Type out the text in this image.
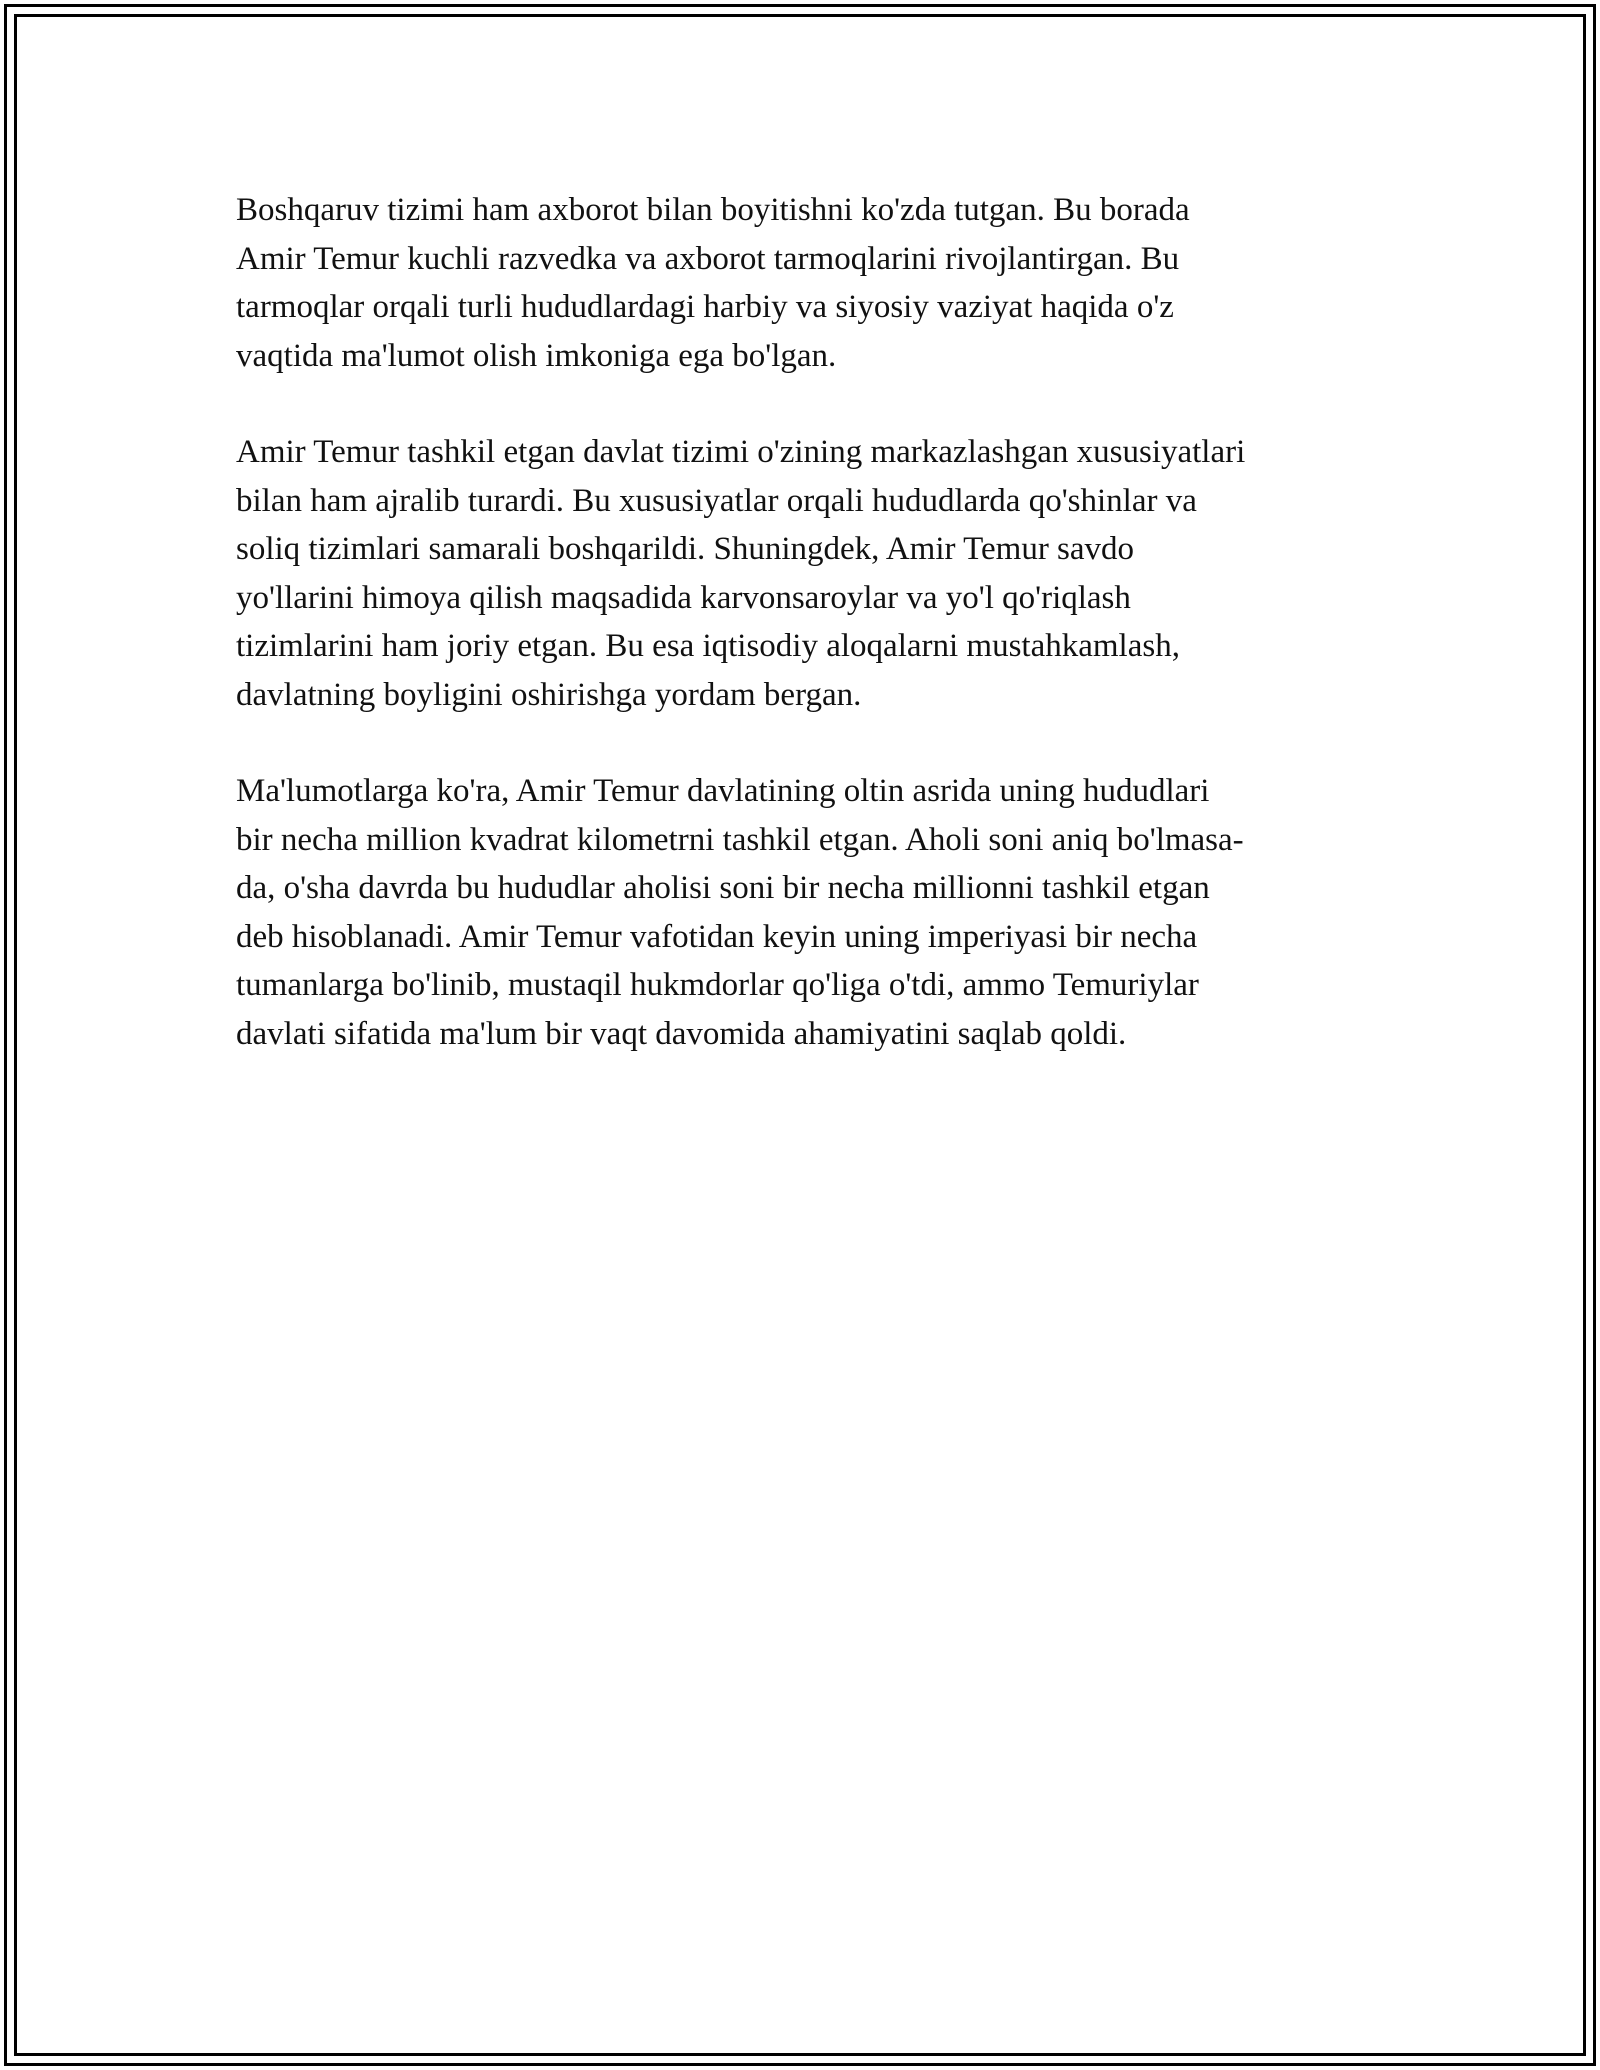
Boshqaruv tizimi ham axborot bilan boyitishni ko'zda tutgan. Bu borada
Amir Temur kuchli razvedka va axborot tarmoqlarini rivojlantirgan. Bu
tarmoqlar orqali turli hududlardagi harbiy va siyosiy vaziyat haqida o'z
vaqtida ma'lumot olish imkoniga ega bo'lgan.

Amir Temur tashkil etgan davlat tizimi o'zining markazlashgan xususiyatlari
bilan ham ajralib turardi. Bu xususiyatlar orqali hududlarda qo'shinlar va
soliq tizimlari samarali boshqarildi. Shuningdek, Amir Temur savdo
yo'llarini himoya qilish maqsadida karvonsaroylar va yo'l qo'riqlash
tizimlarini ham joriy etgan. Bu esa iqtisodiy aloqalarni mustahkamlash,
davlatning boyligini oshirishga yordam bergan.

Ma'lumotlarga ko'ra, Amir Temur davlatining oltin asrida uning hududlari
bir necha million kvadrat kilometrni tashkil etgan. Aholi soni aniq bo'lmasa-
da, o'sha davrda bu hududlar aholisi soni bir necha millionni tashkil etgan
deb hisoblanadi. Amir Temur vafotidan keyin uning imperiyasi bir necha
tumanlarga bo'linib, mustaqil hukmdorlar qo'liga o'tdi, ammo Temuriylar
davlati sifatida ma'lum bir vaqt davomida ahamiyatini saqlab qoldi.
